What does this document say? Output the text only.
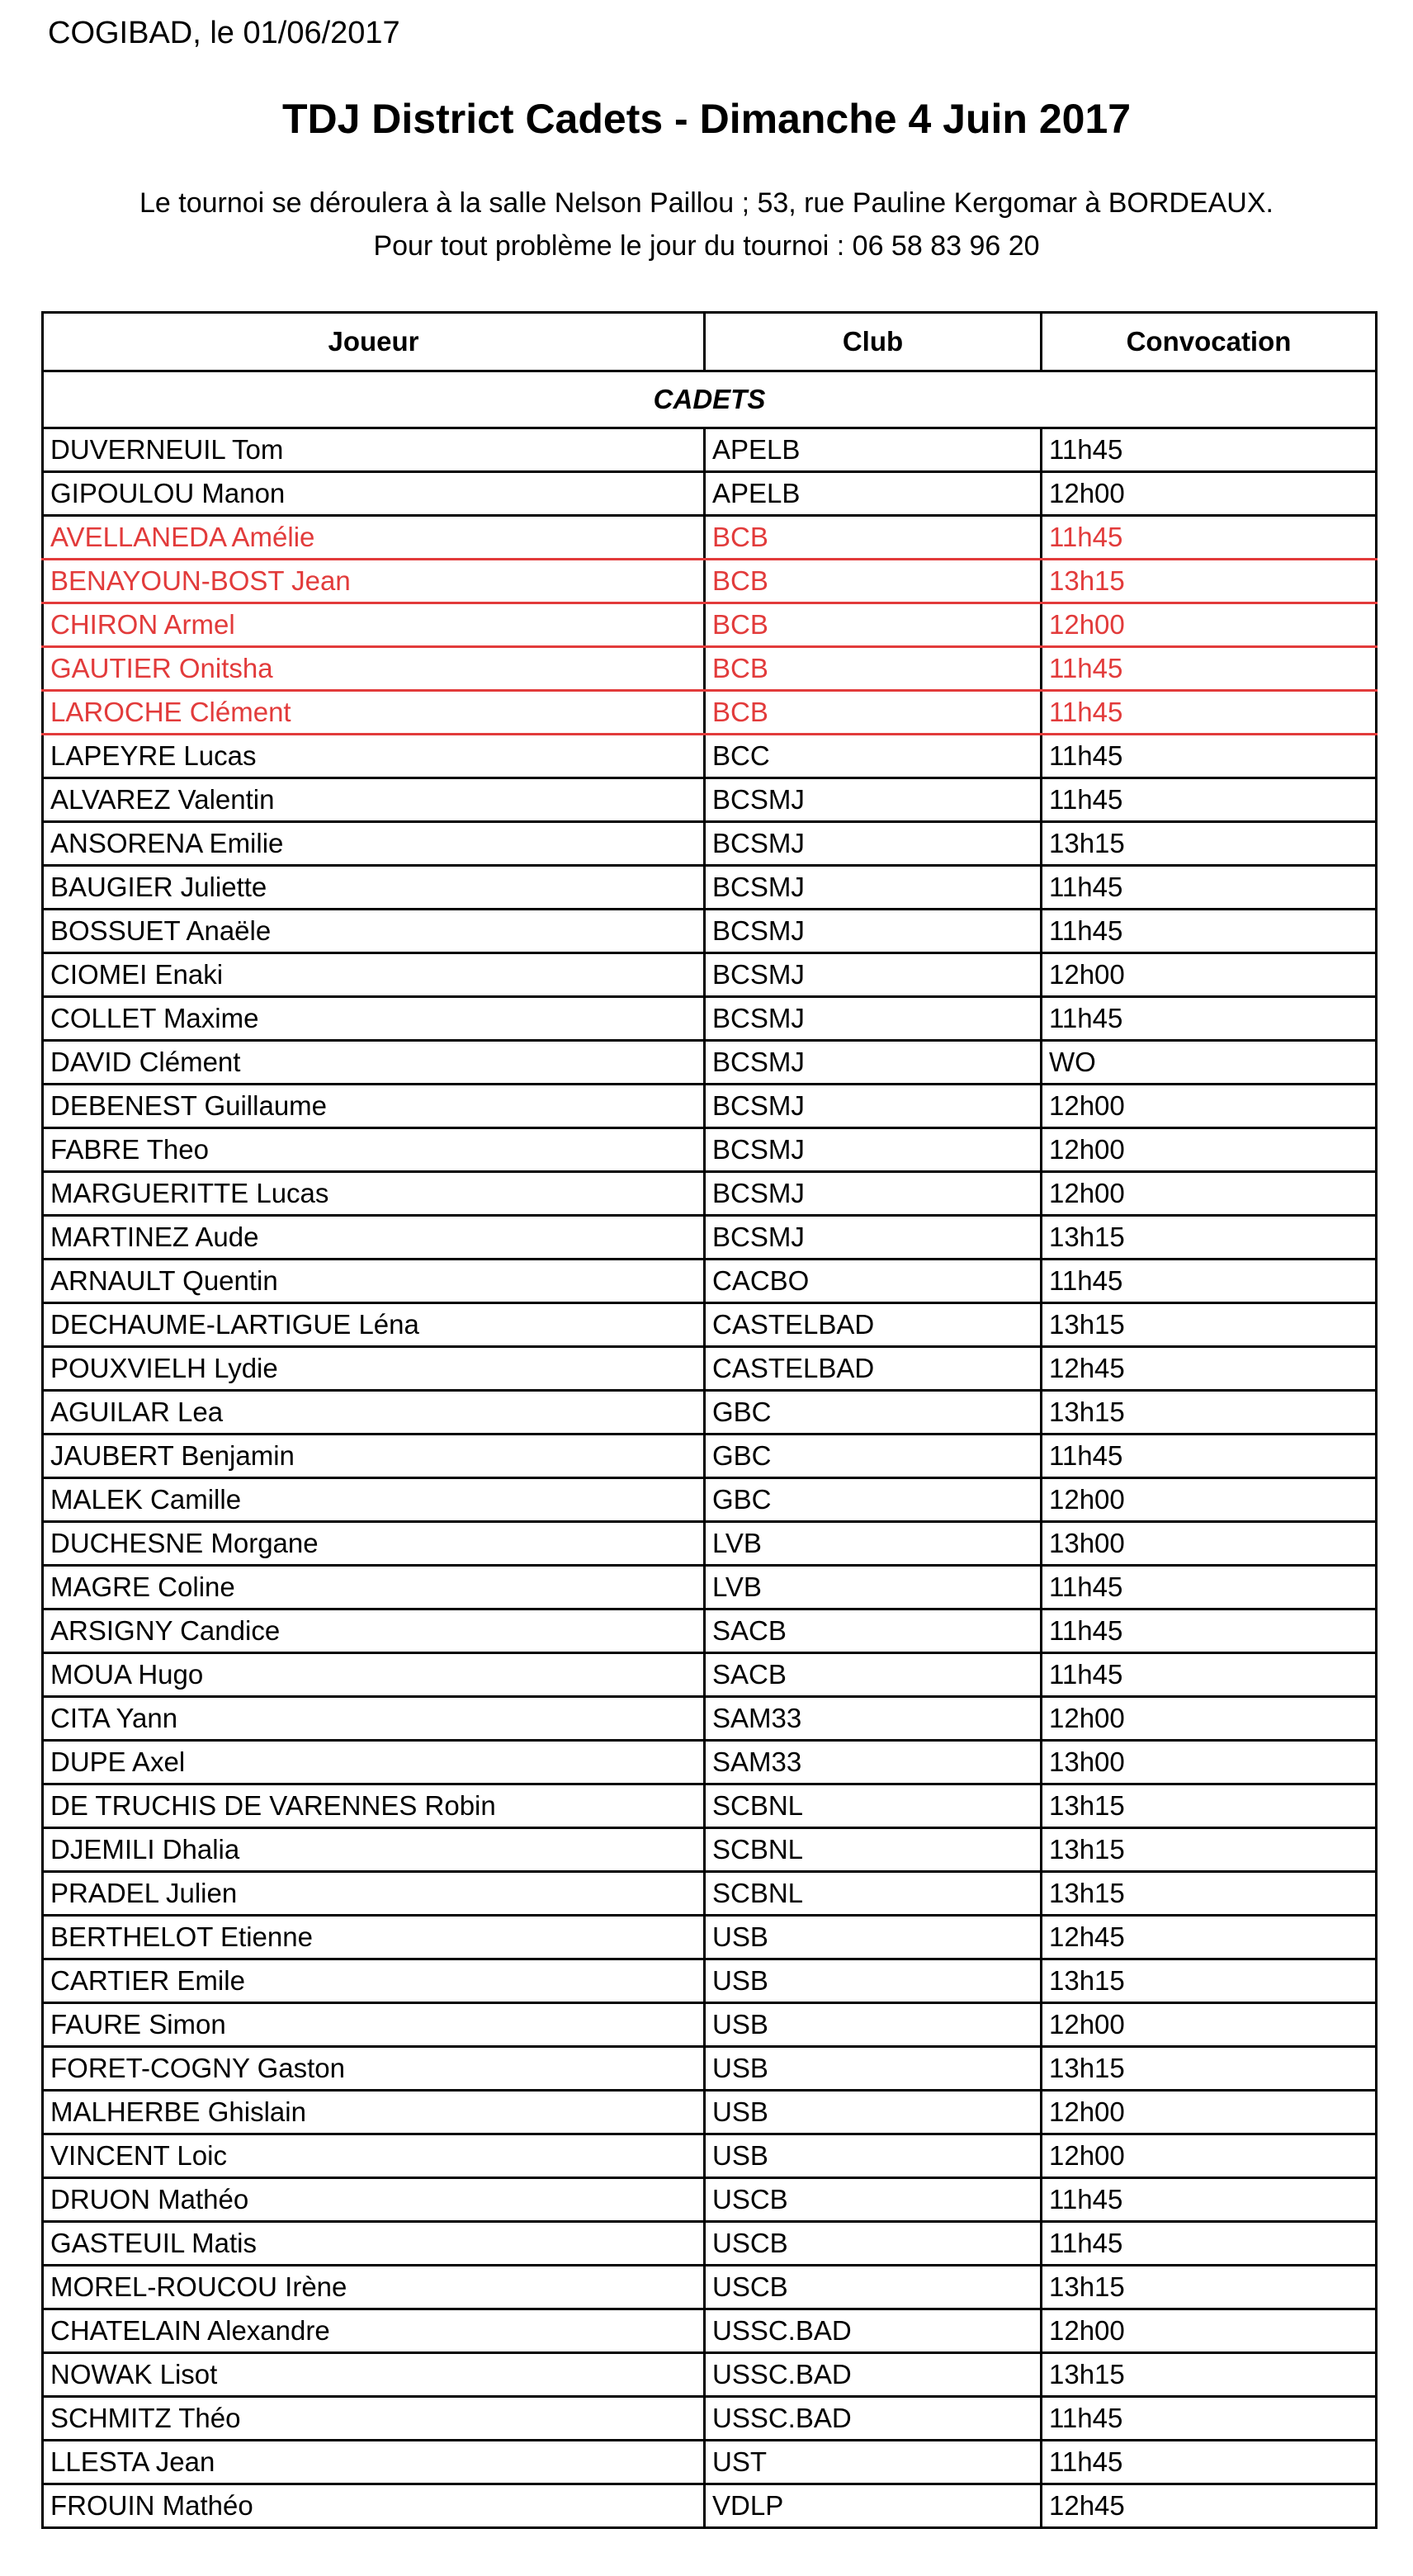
COGIBAD, le 01/06/2017
TDJ District Cadets - Dimanche 4 Juin 2017
Le tournoi se déroulera à la salle Nelson Paillou ; 53, rue Pauline Kergomar à BORDEAUX.
Pour tout problème le jour du tournoi : 06 58 83 96 20
Joueur	Club	Convocation
CADETS		
DUVERNEUIL Tom	APELB	11h45
GIPOULOU Manon	APELB	12h00
AVELLANEDA Amélie	BCB	11h45
BENAYOUN-BOST Jean	BCB	13h15
CHIRON Armel	BCB	12h00
GAUTIER Onitsha	BCB	11h45
LAROCHE Clément	BCB	11h45
LAPEYRE Lucas	BCC	11h45
ALVAREZ Valentin	BCSMJ	11h45
ANSORENA Emilie	BCSMJ	13h15
BAUGIER Juliette	BCSMJ	11h45
BOSSUET Anaële	BCSMJ	11h45
CIOMEI Enaki	BCSMJ	12h00
COLLET Maxime	BCSMJ	11h45
DAVID Clément	BCSMJ	WO
DEBENEST Guillaume	BCSMJ	12h00
FABRE Theo	BCSMJ	12h00
MARGUERITTE Lucas	BCSMJ	12h00
MARTINEZ Aude	BCSMJ	13h15
ARNAULT Quentin	CACBO	11h45
DECHAUME-LARTIGUE Léna	CASTELBAD	13h15
POUXVIELH Lydie	CASTELBAD	12h45
AGUILAR Lea	GBC	13h15
JAUBERT Benjamin	GBC	11h45
MALEK Camille	GBC	12h00
DUCHESNE Morgane	LVB	13h00
MAGRE Coline	LVB	11h45
ARSIGNY Candice	SACB	11h45
MOUA Hugo	SACB	11h45
CITA Yann	SAM33	12h00
DUPE Axel	SAM33	13h00
DE TRUCHIS DE VARENNES Robin	SCBNL	13h15
DJEMILI Dhalia	SCBNL	13h15
PRADEL Julien	SCBNL	13h15
BERTHELOT Etienne	USB	12h45
CARTIER Emile	USB	13h15
FAURE Simon	USB	12h00
FORET-COGNY Gaston	USB	13h15
MALHERBE Ghislain	USB	12h00
VINCENT Loic	USB	12h00
DRUON Mathéo	USCB	11h45
GASTEUIL Matis	USCB	11h45
MOREL-ROUCOU Irène	USCB	13h15
CHATELAIN Alexandre	USSC.BAD	12h00
NOWAK Lisot	USSC.BAD	13h15
SCHMITZ Théo	USSC.BAD	11h45
LLESTA Jean	UST	11h45
FROUIN Mathéo	VDLP	12h45
